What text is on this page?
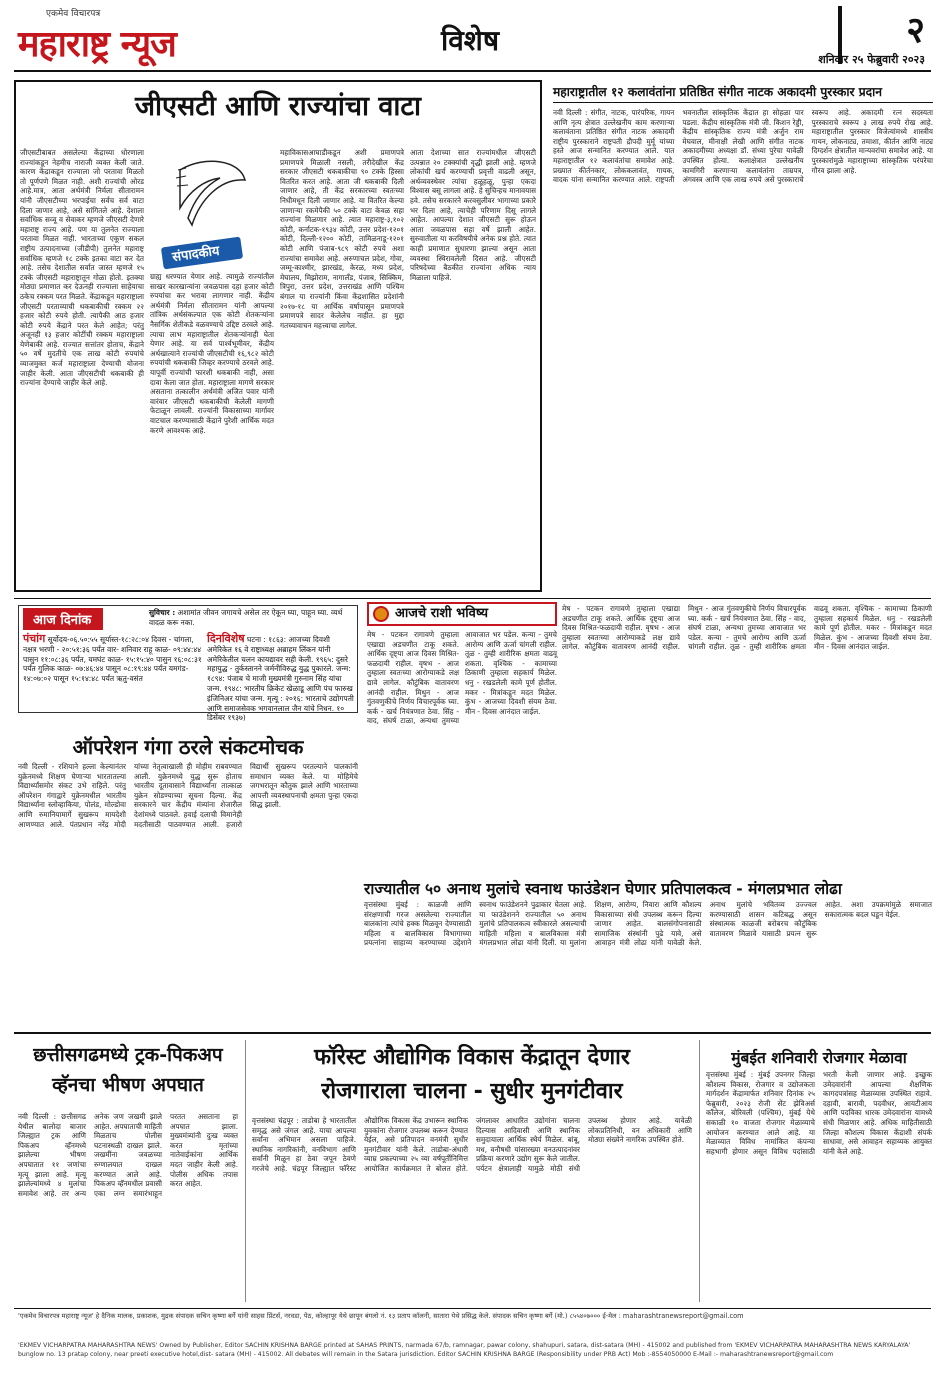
एकमेव विचारपत्र
महाराष्ट्र न्यूज	विशेष	२
शनिवार २५ फेब्रुवारी २०२३
जीएसटी आणि राज्यांचा वाटा
जीएसटीबाबत असलेल्या केंद्राच्या धोरणाला राज्यांकडून नेहमीच नाराजी व्यक्त केली जाते. कारण केंद्राकडून राज्याला जो परतावा मिळतो तो पूर्णपणे मिळत नाही. अशी राज्यांची ओरड आहे.मात्र, आता अर्थमंत्री निर्मला सीतारामन यांनी जीएसटीच्या भरपाईचा सर्वच सर्व वाटा दिला जाणार आहे, असे सांगितले आहे. देशाला सर्वाधिक सव्वू व सेवाकर म्हणजे जीएसटी देणारे महाराष्ट्र राज्य आहे. पण या तुलनेत राज्याला परतावा मिळत नाही. भारताच्या एकूण सकल राष्ट्रीय उत्पादनाच्या (जीडीपी) तुलनेत महाराष्ट्र सर्वाधिक म्हणजे १८ टक्के इतका वाटा कर देत आहे. तसेच देशातील सर्वात जास्त म्हणजे १५ टक्के जीएसटी महाराष्ट्रातून गोळा होतो. इतक्या मोठ्या प्रमाणात कर देऊनही राज्याला साहेयाचा ठकेच रक्कम परत मिळते. केंद्राकडून महाराष्ट्राला जीएसटी परताव्याची थकबाकीची रक्कम २२ हजार कोटी रुपये होती. त्यापैकी आठ हजार कोटी रुपये केंद्राने परत केले आहेत; परंतु अजूनही १३ हजार कोटींची रक्कम महाराष्ट्राला येणेबाकी आहे. राज्यात सत्तांतर होताच, केंद्राने ५० वर्षे मुदतीचे एक लाख कोटी रुपयांचे व्याजमुक्त कर्ज महाराष्ट्राला देण्याची योजना जाहीर केली. आता जीएसटीची थकबाकी ही राज्यांना देण्याचे जाहीर केले आहे.
संपादकीय
ग्राह्य धरण्यात येणार आहे. त्यामुळे राज्यांतील साखर कारखान्यांना जवळपास दहा हजार कोटी रुपयांचा कर भरावा लागणार नाही. केंद्रीय अर्थमंत्री निर्मला सीतारामन यांनी आपल्या तांत्रिक अर्थसंकल्पात एक कोटी शेतकऱ्यांना नैसर्गिक शेतीकडे वळवण्याचे उद्दिष्ट ठरवले आहे. त्याचा लाभ महाराष्ट्रातील शेतकऱ्यांनाही घेता येणार आहे. या सर्व पार्श्वभूमीवर, केंद्रीय अर्थखात्याने राज्यांची जीएसटीची १६,९८२ कोटी रुपयांची थकबाकी जिव्हर करण्याचे ठरवले आहे. यापूर्वी राज्यांची फारशी थकबाकी नाही, असा दावा केला जात होता. महाराष्ट्राला मागणे सरकार असताना तत्कालीन अर्थमंत्री अजित पवार यांनी वारंवार जीएसटी थकबाकीची केलेली मागणी फेटाळून लावली. राज्यांनी विकासाच्या मार्गावर वाटचाल करण्यासाठी केंद्राने पुरेशी आर्थिक मदत करणे आवश्यक आहे.
महाविकासआघाडीकडून अशी प्रमाणपत्रे प्रमाणपत्रे मिळाली नसली, तरीदेखील केंद्र सरकार जीएसटी थकबाकीचा ९० टक्के हिस्सा वितरित करत आहे. आता जी थकबाकी दिली जाणार आहे, ती केंद्र सरकारच्या स्वतःच्या निधीमधून दिली जाणार आहे. या वितरित केल्या जाणाऱ्या रकमेपैकी ५० टक्के वाटा केवळ सहा राज्यांना मिळणार आहे. त्यात महाराष्ट्र-३,१०२ कोटी, कर्नाटक-१९३४ कोटी, उत्तर प्रदेश-१२०१ कोटी, दिल्ली-१२०० कोटी, तामिळनाडू-१२०१ कोटी आणि पंजाब-९८९ कोटी रुपये अशा राज्यांचा समावेश आहे. अरुणाचल प्रदेश, गोवा, जम्मू-काश्मीर, झारखंड, केरळ, मध्य प्रदेश, मेघालय, मिझोराम, नागालँड, पंजाब, सिक्किम, त्रिपुरा, उत्तर प्रदेश, उत्तराखंड आणि पश्चिम बंगाल या राज्यांनी किंवा केंद्रशासित प्रदेशांनी २०१७-१८ या आर्थिक वर्षापासून प्रमाणपत्रे प्रमाणपत्रे सादर केलेलेच नाहीत. हा मुद्दा गतच्यावाचन महत्त्वाचा लागेल.
आता देशाच्या सात राज्यांमधील जीएसटी उत्पन्नात २० टक्क्यांची वृद्धी झाली आहे. म्हणजे लोकांची खर्च करण्याची प्रवृत्ती वाढली असून, अर्थव्यवस्थेवर त्यांचा हळूहळू, पुन्हा एकदा विश्वास बसू लागला आहे. हे सुचिन्हच मानावयास हवे. तसेच सरकारने करवसुलीवर भागाच्या प्रकारे भर दिला आहे, त्याचेही परिणाम दिसू लागले आहेत. आपल्या देशात जीएसटी सुरू होऊन आता जवळपास सहा वर्षे झाली आहेत. सुरुवातीला या करविषयीचे अनेक प्रश्न होते. त्यात काही प्रमाणात सुधारणा झाल्या असून आता व्यवस्था स्थिरावलेली दिसत आहे. जीएसटी परिषदेच्या बैठकीत राज्यांना अधिक न्याय मिळाला पाहिजे.
महाराष्ट्रातील १२ कलावंतांना प्रतिष्ठित संगीत नाटक अकादमी पुरस्कार प्रदान
नवी दिल्ली : संगीत, नाटक, पारंपरिक, गायन आणि नृत्य क्षेत्रात उल्लेखनीय काम करणाऱ्या कलावंताना प्रतिष्ठित संगीत नाटक अकादमी राष्ट्रीय पुरस्काराने राष्ट्रपती द्रौपदी मुर्मू यांच्या हस्ते आज सन्मानित करण्यात आले. यात महाराष्ट्रातील १२ कलावंतांचा समावेश आहे. प्रख्यात कीर्तनकार, लोककलावंत, गायक, वादक यांना सन्मानित करण्यात आले. राष्ट्रपती भवनातील सांस्कृतिक केंद्रात हा सोहळा पार पडला. केंद्रीय सांस्कृतिक मंत्री जी. किशन रेड्डी, केंद्रीय सांस्कृतिक राज्य मंत्री अर्जुन राम मेघवाल, मीनाक्षी लेखी आणि संगीत नाटक अकादमीच्या अध्यक्षा डॉ. संध्या पुरेचा यावेळी उपस्थित होत्या. कलाक्षेत्रात उल्लेखनीय कामगिरी करणाऱ्या कलावंतांना ताम्रपत्र, अंगवस्त्र आणि एक लाख रुपये असे पुरस्काराचे स्वरूप आहे. अकादमी रत्न सदस्यता पुरस्काराचे स्वरूप ३ लाख रुपये रोख आहे. महाराष्ट्रातील पुरस्कार विजेत्यांमध्ये शास्त्रीय गायन, लोकनाट्य, तमाशा, कीर्तन आणि नाट्य दिग्दर्शन क्षेत्रातील मान्यवरांचा समावेश आहे. या पुरस्कारांमुळे महाराष्ट्राच्या सांस्कृतिक परंपरेचा गौरव झाला आहे.
आज दिनांक
सुविचार : अशामांत जीवन जगायचे असेल तर ऐकून घ्या, पाहून घ्या. व्यर्थ वादळ करू नका.
पंचांग सूर्योदय-०६.५०:५५ सूर्यास्त-१८:२८:०४ दिवस - चांगला, नक्षत्र भरणी - २०:५१:३६ पर्यंत वार- शनिवार राहू काळ- ०९:४४:४४ पासुन ११:०८:३६ पर्यंत, यमघंट काळ- १५:१५:४० पासुन १६:०८:३१ पर्यंत गुलिक काळ- ०७:४६:४४ पासून ०८:१९:४४ पर्यंत यमगंड- १४:०७:०२ पासून १५:१४:४८ पर्यंत ऋतु-वसंत
दिनविशेष घटना : १८६३: आजच्या दिवशी अमेरिकेत १६ वे राष्ट्राध्यक्ष अब्राहम लिंकन यांनी अमेरिकेतील चलन कायद्यावर सही केली. १९६५: दुसरे महायुद्ध - तुर्कस्तानने जर्मनीविरुद्ध युद्ध पुकारले. जन्म: १८९४: पंजाब चे माजी मुख्यमंत्री गुरुनाम सिंह यांचा जन्म. १९४८: भारतीय क्रिकेट खेळाडू आणि पंच फारुख इंजिनिअर यांचा जन्म. मृत्यू : २०१६: भारताचे उद्योगपती आणि समाजसेवक भगवानलाल जैन यांचे निधन. १० डिसेंबर १९३७)
आजचे राशी भविष्य
मेष - पटकन रागावणे तुम्हाला एखाद्या अडचणीत टाकू शकते. आर्थिक दृष्ट्या आज दिवस मिश्रित-फळदायी राहील. वृषभ - आज तुम्हाला स्वतःच्या आरोग्याकडे लक्ष द्यावे लागेल. कौटुंबिक वातावरण आनंदी राहील. मिथुन - आज गुंतवणुकीचे निर्णय विचारपूर्वक घ्या. कर्क - खर्च नियंत्रणात ठेवा. सिंह - वाद, संघर्ष टाळा, अन्यथा तुमच्या आवाजात भर पडेल. कन्या - तुमचे आरोग्य आणि ऊर्जा चांगली राहील. तूळ - तुम्ही शारीरिक क्षमता वाढवू शकता. वृश्चिक - कामाच्या ठिकाणी तुम्हाला सहकार्य मिळेल. धनु - रखडलेली कामे पूर्ण होतील. मकर - मित्रांकडून मदत मिळेल. कुंभ - आजच्या दिवशी संयम ठेवा. मीन - दिवस आनंदात जाईल.
मेष - पटकन रागावणे तुम्हाला एखाद्या अडचणीत टाकू शकते. आर्थिक दृष्ट्या आज दिवस मिश्रित-फळदायी राहील. वृषभ - आज तुम्हाला स्वतःच्या आरोग्याकडे लक्ष द्यावे लागेल. कौटुंबिक वातावरण आनंदी राहील. मिथुन - आज गुंतवणुकीचे निर्णय विचारपूर्वक घ्या. कर्क - खर्च नियंत्रणात ठेवा. सिंह - वाद, संघर्ष टाळा, अन्यथा तुमच्या आवाजात भर पडेल. कन्या - तुमचे आरोग्य आणि ऊर्जा चांगली राहील. तूळ - तुम्ही शारीरिक क्षमता वाढवू शकता. वृश्चिक - कामाच्या ठिकाणी तुम्हाला सहकार्य मिळेल. धनु - रखडलेली कामे पूर्ण होतील. मकर - मित्रांकडून मदत मिळेल. कुंभ - आजच्या दिवशी संयम ठेवा. मीन - दिवस आनंदात जाईल.
ऑपरेशन गंगा ठरले संकटमोचक
नवी दिल्ली - रशियाने हल्ला केल्यानंतर युक्रेनमध्ये शिक्षण घेणाऱ्या भारतातल्या विद्यार्थ्यांसमोर संकट उभे राहिले. परंतु ऑपरेशन गंगाद्वारे युक्रेनमधील भारतीय विद्यार्थ्यांना स्लोव्हाकिया, पोलंड, मोल्डोवा आणि रुमानियामार्गे सुखरूप मायदेशी आणण्यात आले. पंतप्रधान नरेंद्र मोदी यांच्या नेतृत्वाखाली ही मोहीम राबवण्यात आली. युक्रेनमध्ये युद्ध सुरू होताच भारतीय दूतावासाने विद्यार्थ्यांना तात्काळ युक्रेन सोडण्याच्या सूचना दिल्या. केंद्र सरकारने चार केंद्रीय मंत्र्यांना शेजारील देशांमध्ये पाठवले. हवाई दलाची विमानेही मदतीसाठी पाठवण्यात आली. हजारो विद्यार्थी सुखरूप परतल्याने पालकांनी समाधान व्यक्त केले. या मोहिमेचे जगभरातून कौतुक झाले आणि भारताच्या आपत्ती व्यवस्थापनाची क्षमता पुन्हा एकदा सिद्ध झाली.
राज्यातील ५० अनाथ मुलांचे स्वनाथ फाउंडेशन घेणार प्रतिपालकत्व - मंगलप्रभात लोढा
वृत्तसंस्था मुंबई : काळजी आणि संरक्षणाची गरज असलेल्या राज्यातील बालकांना त्यांचे हक्क मिळवून देण्यासाठी महिला व बालविकास विभागाच्या प्रयत्नांना साहाय्य करण्याच्या उद्देशाने स्वनाथ फाउंडेशनने पुढाकार घेतला आहे. या फाउंडेशनने राज्यातील ५० अनाथ मुलांचे प्रतिपालकत्व स्वीकारले असल्याची माहिती महिला व बालविकास मंत्री मंगलप्रभात लोढा यांनी दिली. या मुलांना शिक्षण, आरोग्य, निवारा आणि कौशल्य विकासाच्या संधी उपलब्ध करून दिल्या जाणार आहेत. बालसंगोपनासाठी सामाजिक संस्थांनी पुढे यावे, असे आवाहन मंत्री लोढा यांनी यावेळी केले. अनाथ मुलांचे भवितव्य उज्ज्वल करण्यासाठी शासन कटिबद्ध असून संस्थात्मक काळजी बरोबरच कौटुंबिक वातावरण मिळावे यासाठी प्रयत्न सुरू आहेत. अशा उपक्रमांमुळे समाजात सकारात्मक बदल घडून येईल.
छत्तीसगढमध्ये ट्रक-पिकअप व्हॅनचा भीषण अपघात
नवी दिल्ली : छत्तीसगढ येथील बालोदा बाजार जिल्ह्यात ट्रक आणि पिकअप व्हॅनमध्ये झालेल्या भीषण अपघातात ११ जणांचा मृत्यू झाला आहे. मृत्यू झालेल्यांमध्ये ४ मुलांचा समावेश आहे. तर अन्य अनेक जण जखमी झाले आहेत. अपघाताची माहिती मिळताच पोलीस घटनास्थळी दाखल झाले. जखमींना जवळच्या रुग्णालयात दाखल करण्यात आले आहे. पिकअप व्हॅनमधील प्रवासी एका लग्न समारंभाहून परतत असताना हा अपघात झाला. मुख्यमंत्र्यांनी दुःख व्यक्त करत मृतांच्या नातेवाईकांना आर्थिक मदत जाहीर केली आहे. पोलीस अधिक तपास करत आहेत.
फॉरेस्ट औद्योगिक विकास केंद्रातून देणार
रोजगाराला चालना - सुधीर मुनगंटीवार
वृत्तसंस्था चंद्रपूर : ताडोबा हे भारतातील समृद्ध असे जंगल आहे. याचा आपल्या सर्वांना अभिमान असला पाहिजे. स्थानिक नागरिकांनी, वनविभाग आणि सर्वांनी मिळून हा ठेवा जपून ठेवणे गरजेचे आहे. चंद्रपूर जिल्ह्यात फॉरेस्ट औद्योगिक विकास केंद्र उभारून स्थानिक युवकांना रोजगार उपलब्ध करून देण्यात येईल, असे प्रतिपादन वनमंत्री सुधीर मुनगंटीवार यांनी केले. ताडोबा-अंधारी व्याघ्र प्रकल्पाच्या २५ व्या वर्षपूर्तीनिमित्त आयोजित कार्यक्रमात ते बोलत होते. जंगलावर आधारित उद्योगांना चालना दिल्यास आदिवासी आणि स्थानिक समुदायाला आर्थिक स्थैर्य मिळेल. बांबू, मध, वनौषधी यांसारख्या वनउत्पादनांवर प्रक्रिया करणारे उद्योग सुरू केले जातील. पर्यटन क्षेत्रालाही यामुळे मोठी संधी उपलब्ध होणार आहे. यावेळी लोकप्रतिनिधी, वन अधिकारी आणि मोठ्या संख्येने नागरिक उपस्थित होते.
मुंबईत शनिवारी रोजगार मेळावा
वृत्तसंस्था मुंबई : मुंबई उपनगर जिल्हा कौशल्य विकास, रोजगार व उद्योजकता मार्गदर्शन केंद्रामार्फत शनिवार दिनांक २५ फेब्रुवारी, २०२३ रोजी सेंट झेविअर्स कॉलेज, बोरिवली (पश्चिम), मुंबई येथे सकाळी १० वाजता रोजगार मेळाव्याचे आयोजन करण्यात आले आहे. या मेळाव्यात विविध नामांकित कंपन्या सहभागी होणार असून विविध पदांसाठी भरती केली जाणार आहे. इच्छुक उमेदवारांनी आपल्या शैक्षणिक कागदपत्रांसह मेळाव्यास उपस्थित राहावे. दहावी, बारावी, पदवीधर, आयटीआय आणि पदविका धारक उमेदवारांना यामध्ये संधी मिळणार आहे. अधिक माहितीसाठी जिल्हा कौशल्य विकास केंद्राशी संपर्क साधावा, असे आवाहन सहाय्यक आयुक्त यांनी केले आहे.
'एकमेव विचारपत्र महाराष्ट्र न्यूज' हे दैनिक मालक, प्रकाशक, मुद्रक संपादक सचिन कृष्णा बर्गे यांनी साहस प्रिंटर्स, नरवडा, पेठ, कोल्हापूर येथे छापून बंगलो नं. १३ प्रताप कॉलनी, सातारा येथे प्रसिद्ध केले. संपादक सचिन कृष्णा बर्गे (मो.) ८५५४०७००० ई-मेल : maharashtranewsreport@gmail.com
'EKMEV VICHARPATRA MAHARASHTRA NEWS' Owned by Publisher, Editor SACHIN KRISHNA BARGE printed at SAHAS PRINTS, narmada 67/b, ramnagar, pawar colony, shahupuri, satara, dist-satara (MH) - 415002 and published from 'EKMEV VICHARPATRA MAHARASHTRA NEWS KARYALAYA' bunglow no. 13 pratap colony, near preeti executive hotel,dist- satara (MH) - 415002. All debates will remain in the Satara jurisdiction. Editor SACHIN KRISHNA BARGE (Responsibility under PRB Act) Mob :-8554050000 E-Mail :- maharashtranewsreport@gmail.com
